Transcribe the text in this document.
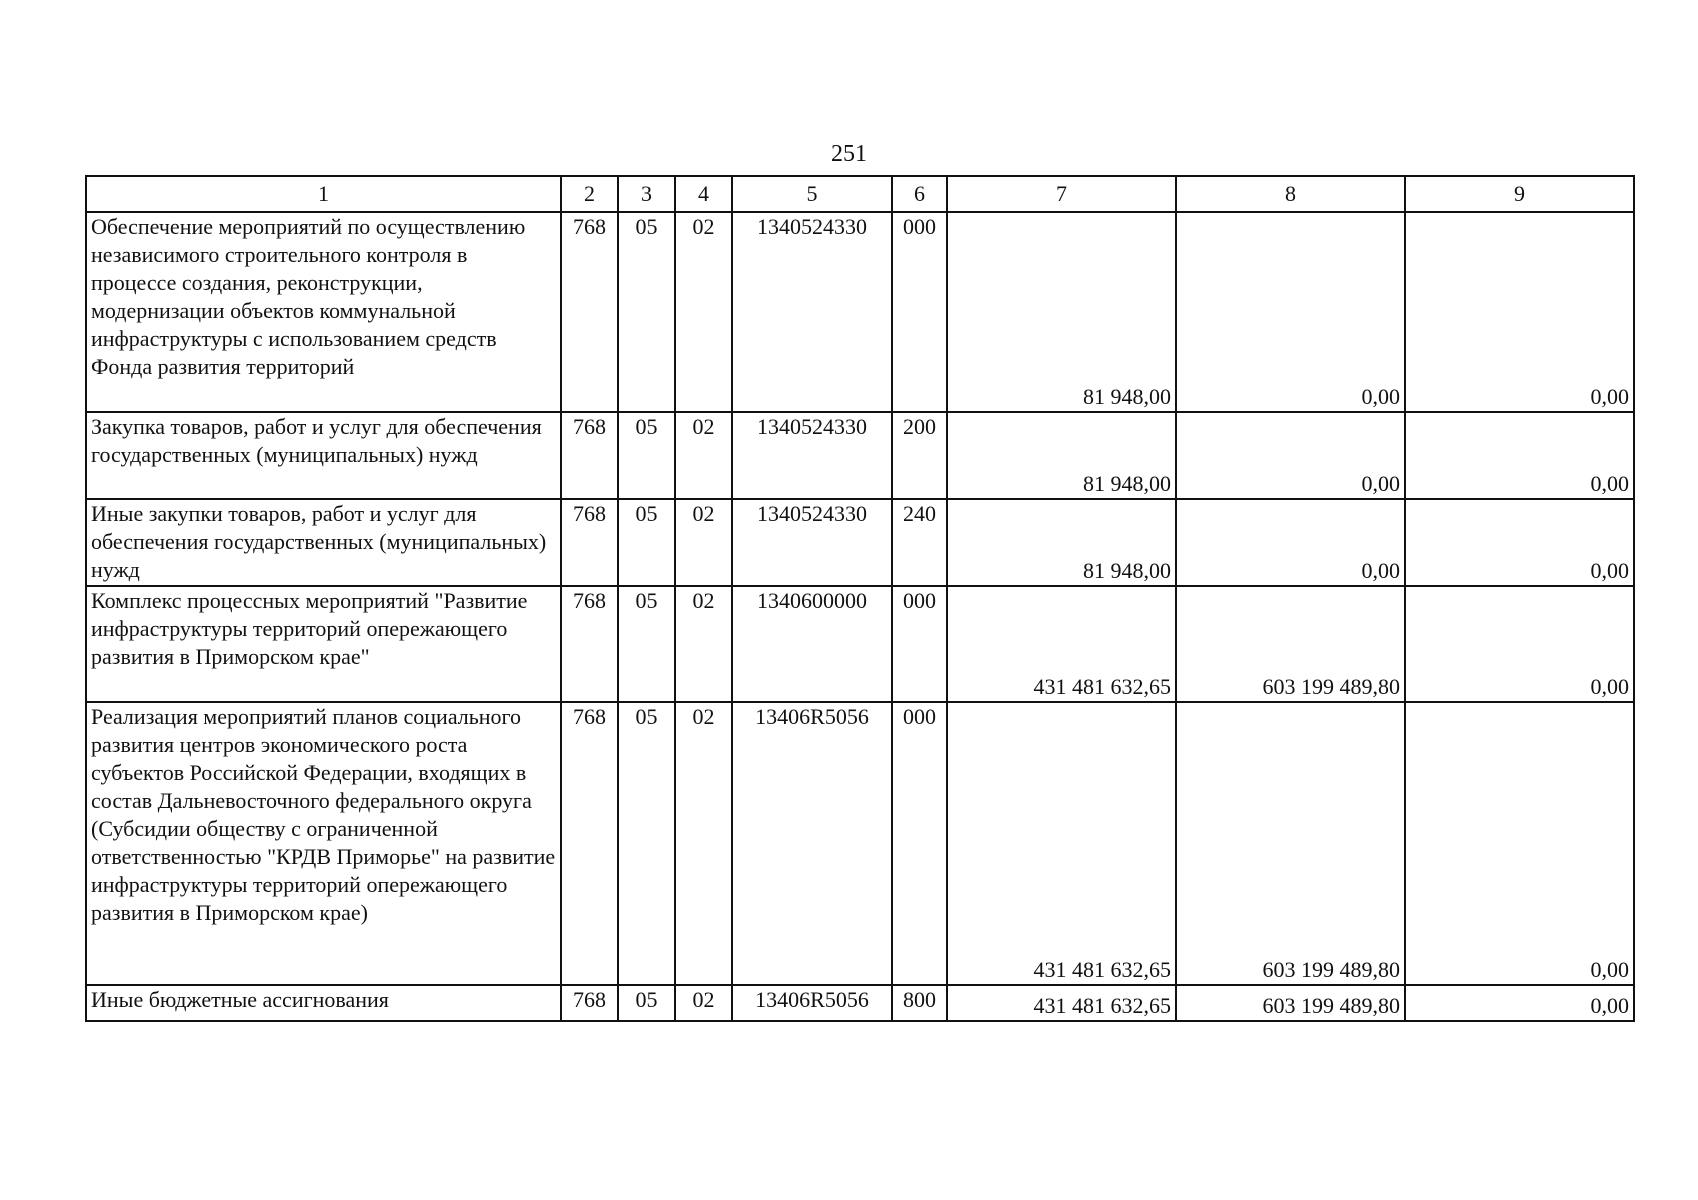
251
1	2	3	4	5	6	7	8	9
Обеспечение мероприятий по осуществлению независимого строительного контроля в процессе создания, реконструкции, модернизации объектов коммунальной инфраструктуры с использованием средств Фонда развития территорий	768	05	02	1340524330	000	81 948,00	0,00	0,00
Закупка товаров, работ и услуг для обеспечения государственных (муниципальных) нужд	768	05	02	1340524330	200	81 948,00	0,00	0,00
Иные закупки товаров, работ и услуг для обеспечения государственных (муниципальных) нужд	768	05	02	1340524330	240	81 948,00	0,00	0,00
Комплекс процессных мероприятий "Развитие инфраструктуры территорий опережающего развития в Приморском крае"	768	05	02	1340600000	000	431 481 632,65	603 199 489,80	0,00
Реализация мероприятий планов социального развития центров экономического роста субъектов Российской Федерации, входящих в состав Дальневосточного федерального округа (Субсидии обществу с ограниченной ответственностью "КРДВ Приморье" на развитие инфраструктуры территорий опережающего развития в Приморском крае)	768	05	02	13406R5056	000	431 481 632,65	603 199 489,80	0,00
Иные бюджетные ассигнования	768	05	02	13406R5056	800	431 481 632,65	603 199 489,80	0,00
